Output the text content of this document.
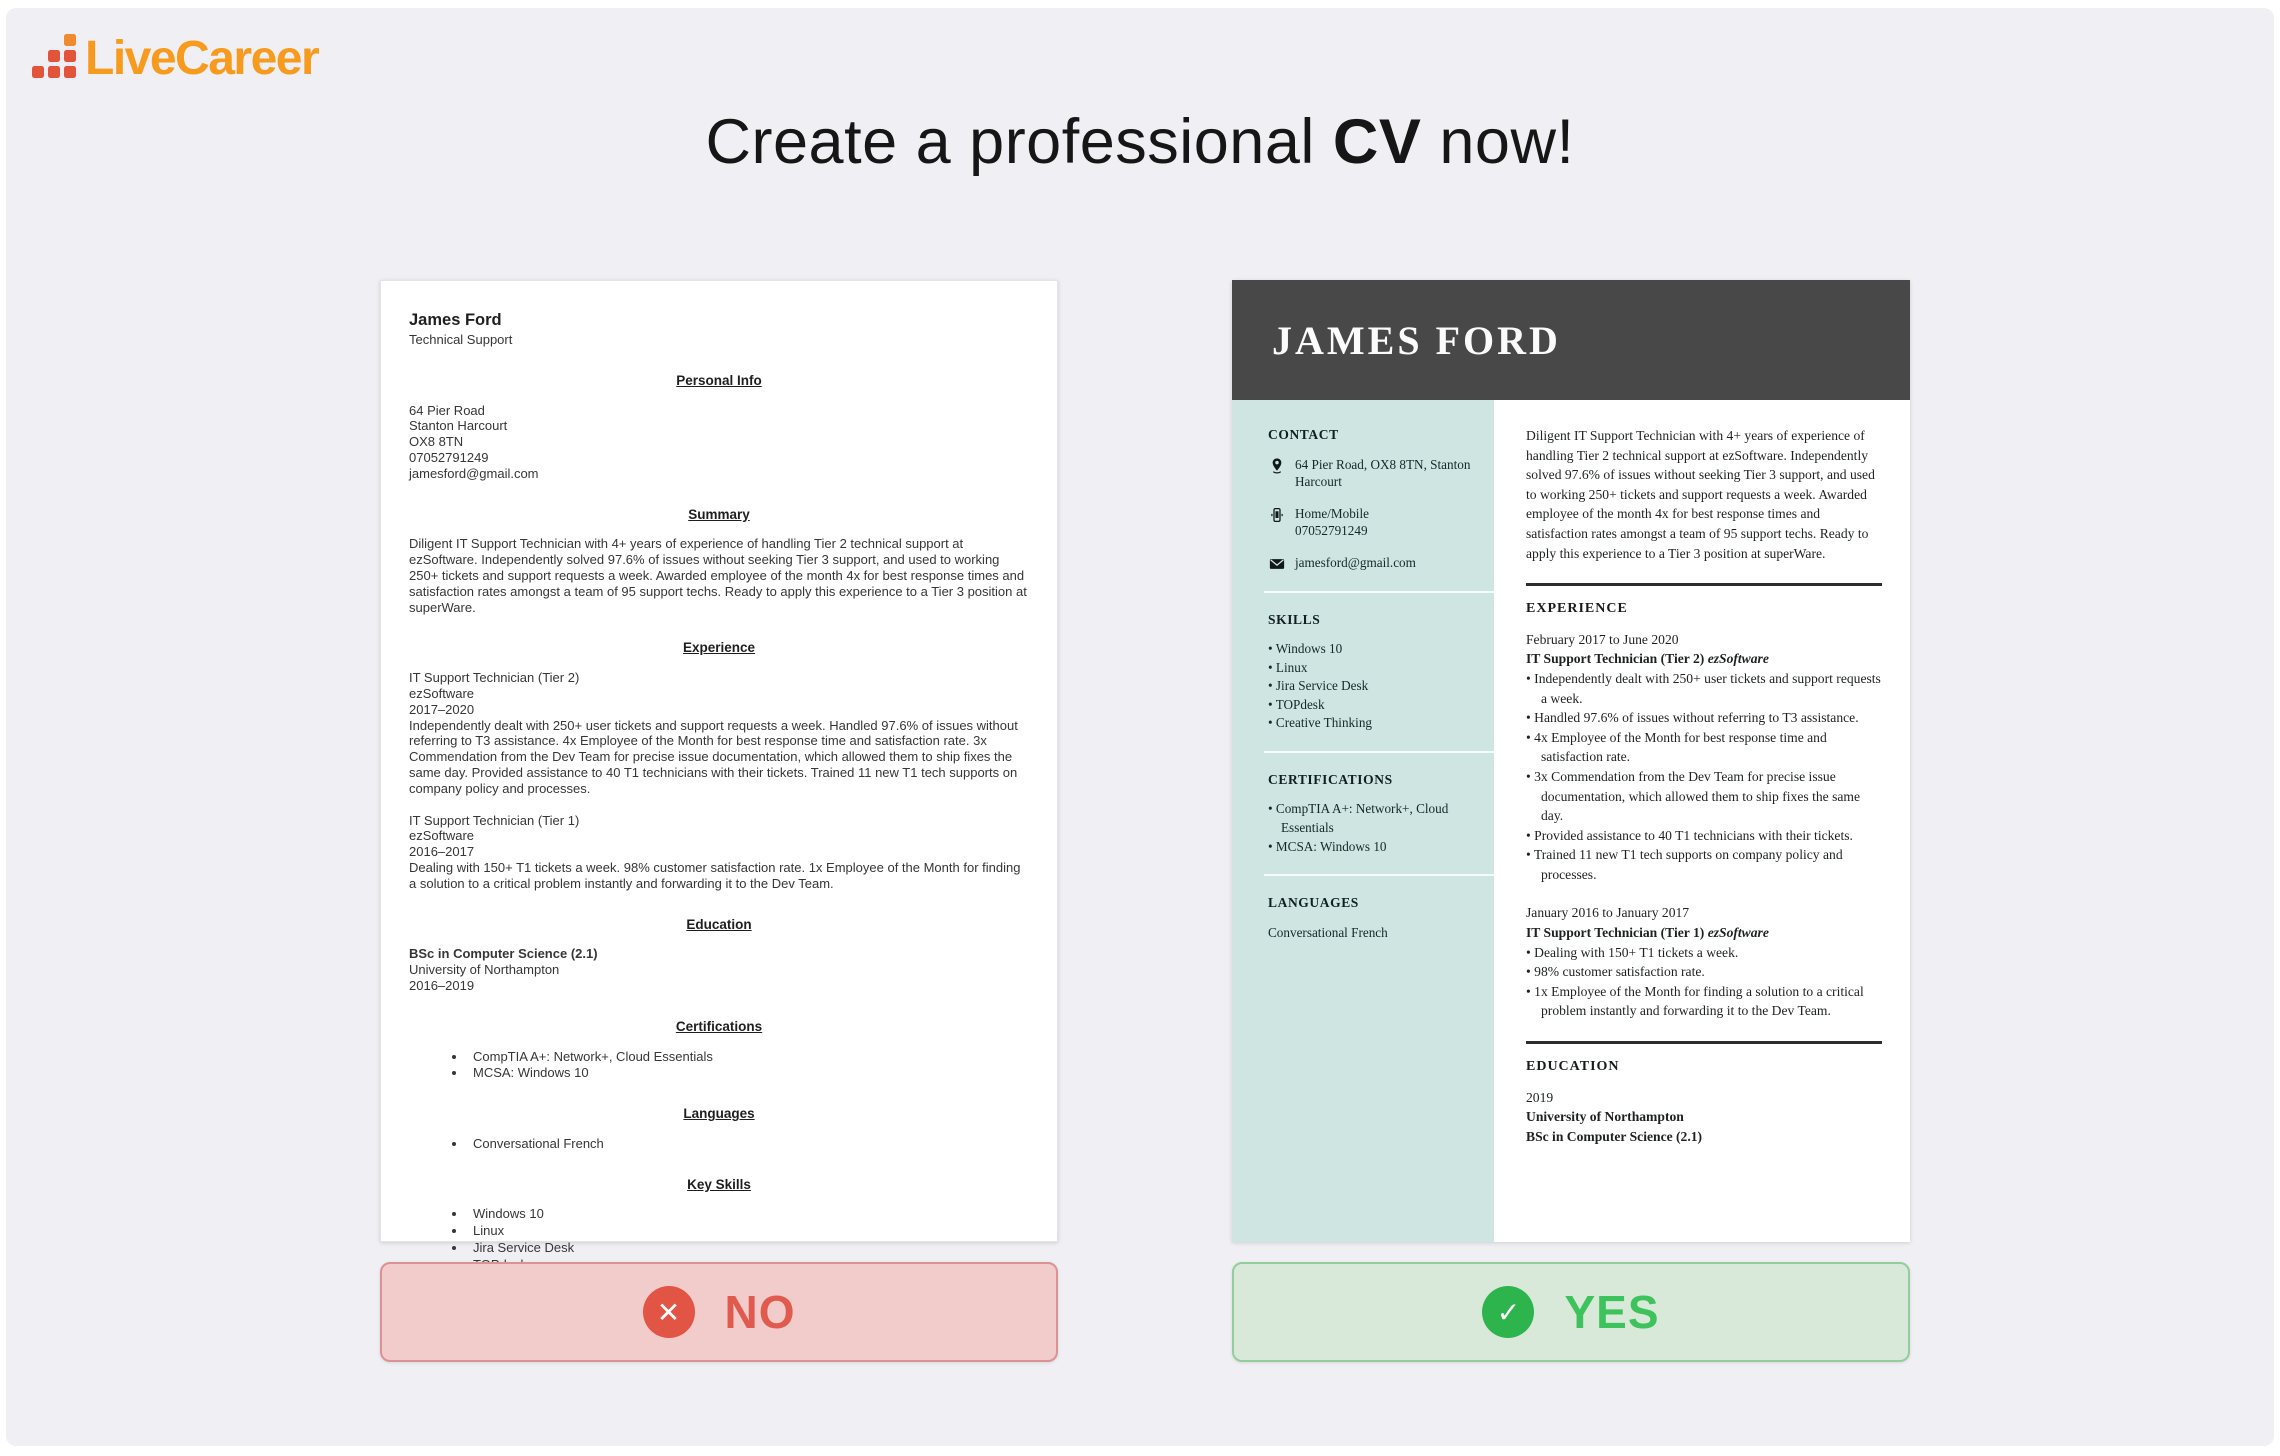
LiveCareer
Create a professional CV now!
James Ford
Technical Support
Personal Info

64 Pier Road

Stanton Harcourt

OX8 8TN

07052791249

jamesford@gmail.com

Summary

Diligent IT Support Technician with 4+ years of experience of handling Tier 2 technical support at ezSoftware. Independently solved 97.6% of issues without seeking Tier 3 support, and used to working 250+ tickets and support requests a week. Awarded employee of the month 4x for best response times and satisfaction rates amongst a team of 95 support techs. Ready to apply this experience to a Tier 3 position at superWare.

Experience

IT Support Technician (Tier 2)

ezSoftware

2017–2020

Independently dealt with 250+ user tickets and support requests a week. Handled 97.6% of issues without referring to T3 assistance. 4x Employee of the Month for best response time and satisfaction rate. 3x Commendation from the Dev Team for precise issue documentation, which allowed them to ship fixes the same day. Provided assistance to 40 T1 technicians with their tickets. Trained 11 new T1 tech supports on company policy and processes.

IT Support Technician (Tier 1)

ezSoftware

2016–2017

Dealing with 150+ T1 tickets a week. 98% customer satisfaction rate. 1x Employee of the Month for finding a solution to a critical problem instantly and forwarding it to the Dev Team.

Education

BSc in Computer Science (2.1)

University of Northampton

2016–2019

Certifications
• CompTIA A+: Network+, Cloud Essentials
• MCSA: Windows 10
Languages
• Conversational French
Key Skills
• Windows 10
• Linux
• Jira Service Desk
•
•
JAMES FORD
CONTACT
64 Pier Road, OX8 8TN, Stanton Harcourt
Home/Mobile
07052791249
jamesford@gmail.com
SKILLS
• Windows 10
• Linux
• Jira Service Desk
• TOPdesk
• Creative Thinking
CERTIFICATIONS
• CompTIA A+: Network+, Cloud Essentials
• MCSA: Windows 10
LANGUAGES
Conversational French

Diligent IT Support Technician with 4+ years of experience of handling Tier 2 technical support at ezSoftware. Independently solved 97.6% of issues without seeking Tier 3 support, and used to working 250+ tickets and support requests a week. Awarded employee of the month 4x for best response times and satisfaction rates amongst a team of 95 support techs. Ready to apply this experience to a Tier 3 position at superWare.

EXPERIENCE
February 2017 to June 2020
IT Support Technician (Tier 2) ezSoftware
• Independently dealt with 250+ user tickets and support requests a week.
• Handled 97.6% of issues without referring to T3 assistance.
• 4x Employee of the Month for best response time and satisfaction rate.
• 3x Commendation from the Dev Team for precise issue documentation, which allowed them to ship fixes the same day.
• Provided assistance to 40 T1 technicians with their tickets.
• Trained 11 new T1 tech supports on company policy and processes.
January 2016 to January 2017
IT Support Technician (Tier 1) ezSoftware
• Dealing with 150+ T1 tickets a week.
• 98% customer satisfaction rate.
• 1x Employee of the Month for finding a solution to a critical problem instantly and forwarding it to the Dev Team.
EDUCATION
2019
University of Northampton
BSc in Computer Science (2.1)
✕ NO	✓ YES
